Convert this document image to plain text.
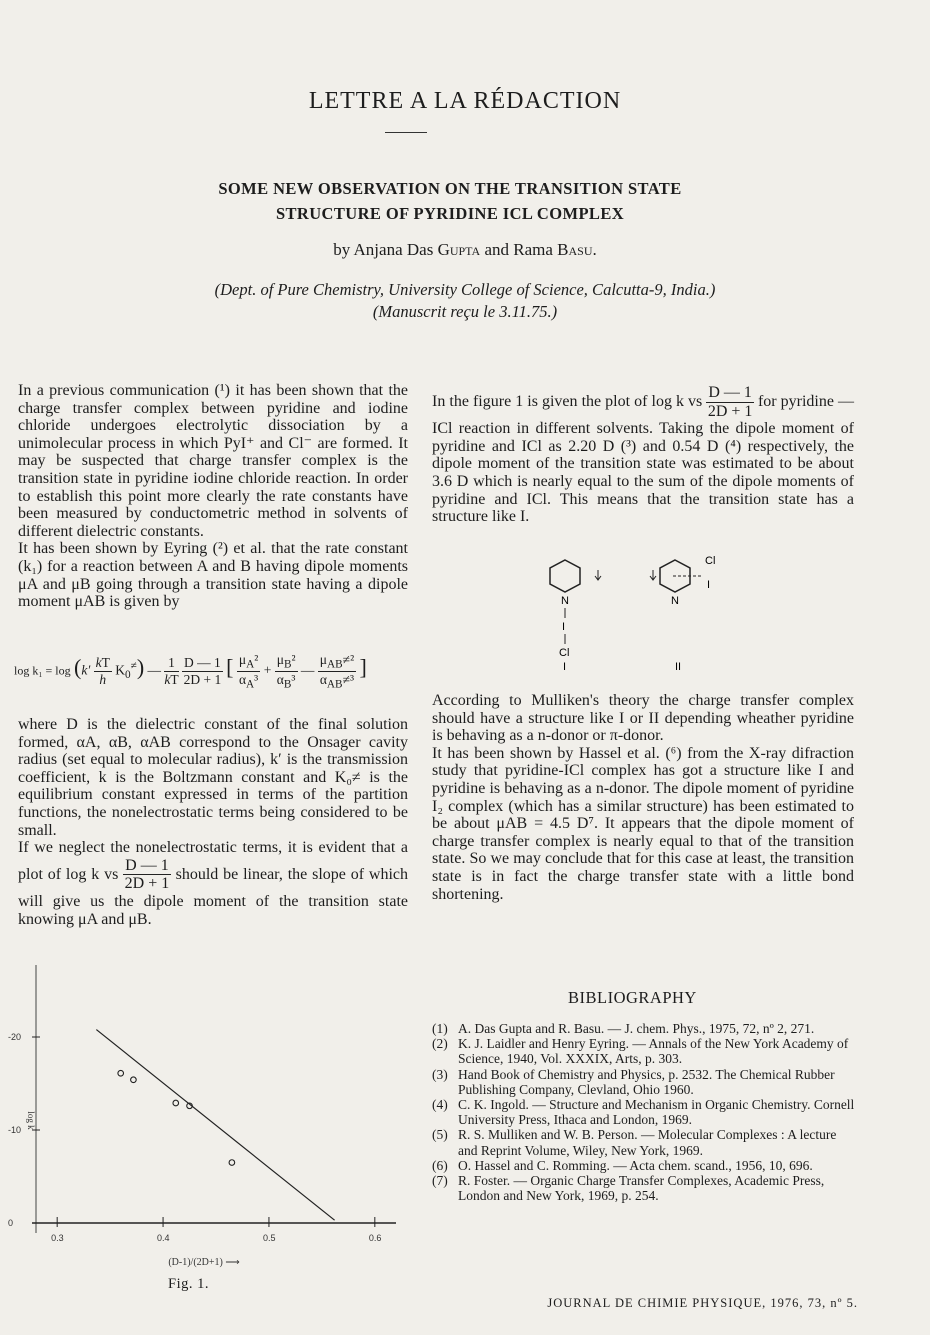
LETTRE A LA RÉDACTION
SOME NEW OBSERVATION ON THE TRANSITION STATE
STRUCTURE OF PYRIDINE ICL COMPLEX
by Anjana Das Gupta and Rama Basu.
(Dept. of Pure Chemistry, University College of Science, Calcutta-9, India.)
(Manuscrit reçu le 3.11.75.)

In a previous communication (¹) it has been shown that the charge transfer complex between pyridine and iodine chloride undergoes electrolytic dissociation by a unimolecular process in which PyI⁺ and Cl⁻ are formed. It may be suspected that charge transfer complex is the transition state in pyridine iodine chloride reaction. In order to establish this point more clearly the rate constants have been measured by conductometric method in solvents of different dielectric constants.

It has been shown by Eyring (²) et al. that the rate constant (k₁) for a reaction between A and B having dipole moments μA and μB going through a transition state having a dipole moment μAB is given by

$\log k_1 = \log (k' \frac{kT}{h} K_0^\ne)$ — $\frac{1}{kT}$
$\frac{D — 1}{2D + 1}$ [ $\frac{\mu_A^2}{\alpha_A^3} + \frac{\mu_B^2}{\alpha_B^3}$ — $\frac{\mu_{AB}\ne^2}{\alpha_{AB}\ne^3}$ ]

where D is the dielectric constant of the final solution formed, αA, αB, αAB correspond to the Onsager cavity radius (set equal to molecular radius), k′ is the transmission coefficient, k is the Boltzmann constant and K₀≠ is the equilibrium constant expressed in terms of the partition functions, the nonelectrostatic terms being considered to be small.

If we neglect the nonelectrostatic terms, it is evident that a plot of log k vs $\frac{D — 1}{2D + 1}$ should be linear, the slope of which will give us the dipole moment of the transition state knowing μA and μB.

0.3	0.4	0.5	0.6
-20
-10
0
log k
(D-1)/(2D+1) ⟶
Fig. 1.

In the figure 1 is given the plot of log k vs $\frac{D — 1}{2D + 1}$ for pyridine — ICl reaction in different solvents. Taking the dipole moment of pyridine and ICl as 2.20 D (³) and 0.54 D (⁴) respectively, the dipole moment of the transition state was estimated to be about 3.6 D which is nearly equal to the sum of the dipole moments of pyridine and ICl. This means that the transition state has a structure like I.

N
I
Cl
I
Cl
I
N
II

According to Mulliken's theory the charge transfer complex should have a structure like I or II depending wheather pyridine is behaving as a n-donor or π-donor.

It has been shown by Hassel et al. (⁶) from the X-ray difraction study that pyridine-ICl complex has got a structure like I and pyridine is behaving as a n-donor. The dipole moment of pyridine I₂ complex (which has a similar structure) has been estimated to be about μAB = 4.5 D⁷. It appears that the dipole moment of charge transfer complex is nearly equal to that of the transition state. So we may conclude that for this case at least, the transition state is in fact the charge transfer state with a little bond shortening.

BIBLIOGRAPHY
(1) A. Das Gupta and R. Basu. — J. chem. Phys., 1975, 72, nº 2, 271.
(2) K. J. Laidler and Henry Eyring. — Annals of the New York Academy of Science, 1940, Vol. XXXIX, Arts, p. 303.
(3) Hand Book of Chemistry and Physics, p. 2532. The Chemical Rubber Publishing Company, Clevland, Ohio 1960.
(4) C. K. Ingold. — Structure and Mechanism in Organic Chemistry. Cornell University Press, Ithaca and London, 1969.
(5) R. S. Mulliken and W. B. Person. — Molecular Complexes : A lecture and Reprint Volume, Wiley, New York, 1969.
(6) O. Hassel and C. Romming. — Acta chem. scand., 1956, 10, 696.
(7) R. Foster. — Organic Charge Transfer Complexes, Academic Press, London and New York, 1969, p. 254.
JOURNAL DE CHIMIE PHYSIQUE, 1976, 73, nº 5.
